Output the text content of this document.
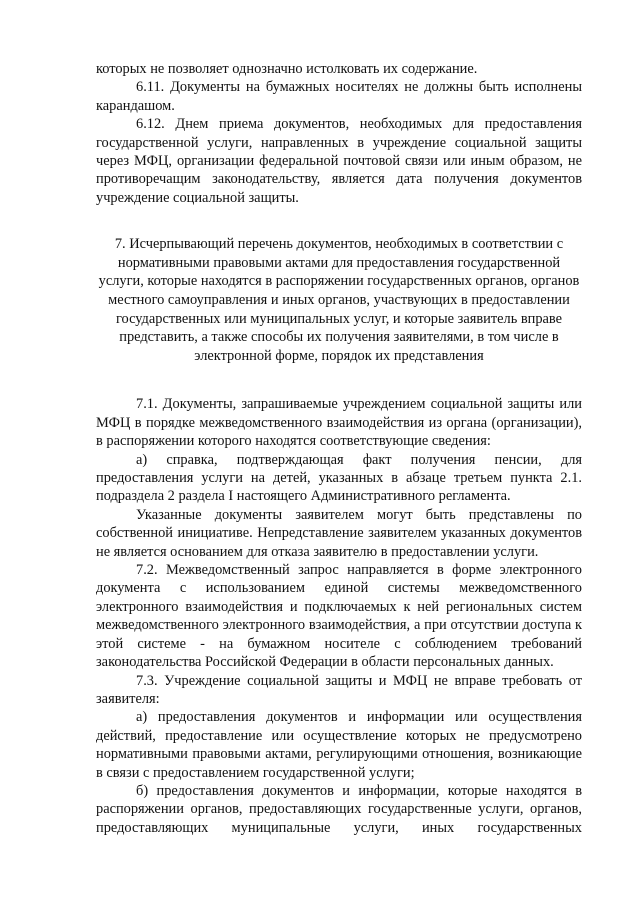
которых не позволяет однозначно истолковать их содержание.

6.11. Документы на бумажных носителях не должны быть исполнены карандашом.

6.12. Днем приема документов, необходимых для предоставления государственной услуги, направленных в учреждение социальной защиты через МФЦ, организации федеральной почтовой связи или иным образом, не противоречащим законодательству, является дата получения документов учреждение социальной защиты.

7. Исчерпывающий перечень документов, необходимых в соответствии с нормативными правовыми актами для предоставления государственной услуги, которые находятся в распоряжении государственных органов, органов местного самоуправления и иных органов, участвующих в предоставлении государственных или муниципальных услуг, и которые заявитель вправе представить, а также способы их получения заявителями, в том числе в электронной форме, порядок их представления

7.1. Документы, запрашиваемые учреждением социальной защиты или МФЦ в порядке межведомственного взаимодействия из органа (организации), в распоряжении которого находятся соответствующие сведения:

а) справка, подтверждающая факт получения пенсии, для предоставления услуги на детей, указанных в абзаце третьем пункта 2.1. подраздела 2 раздела I настоящего Административного регламента.

Указанные документы заявителем могут быть представлены по собственной инициативе. Непредставление заявителем указанных документов не является основанием для отказа заявителю в предоставлении услуги.

7.2. Межведомственный запрос направляется в форме электронного документа с использованием единой системы межведомственного электронного взаимодействия и подключаемых к ней региональных систем межведомственного электронного взаимодействия, а при отсутствии доступа к этой системе - на бумажном носителе с соблюдением требований законодательства Российской Федерации в области персональных данных.

7.3. Учреждение социальной защиты и МФЦ не вправе требовать от заявителя:

а) предоставления документов и информации или осуществления действий, предоставление или осуществление которых не предусмотрено нормативными правовыми актами, регулирующими отношения, возникающие в связи с предоставлением государственной услуги;

б) предоставления документов и информации, которые находятся в распоряжении органов, предоставляющих государственные услуги, органов, предоставляющих муниципальные услуги, иных государственных
